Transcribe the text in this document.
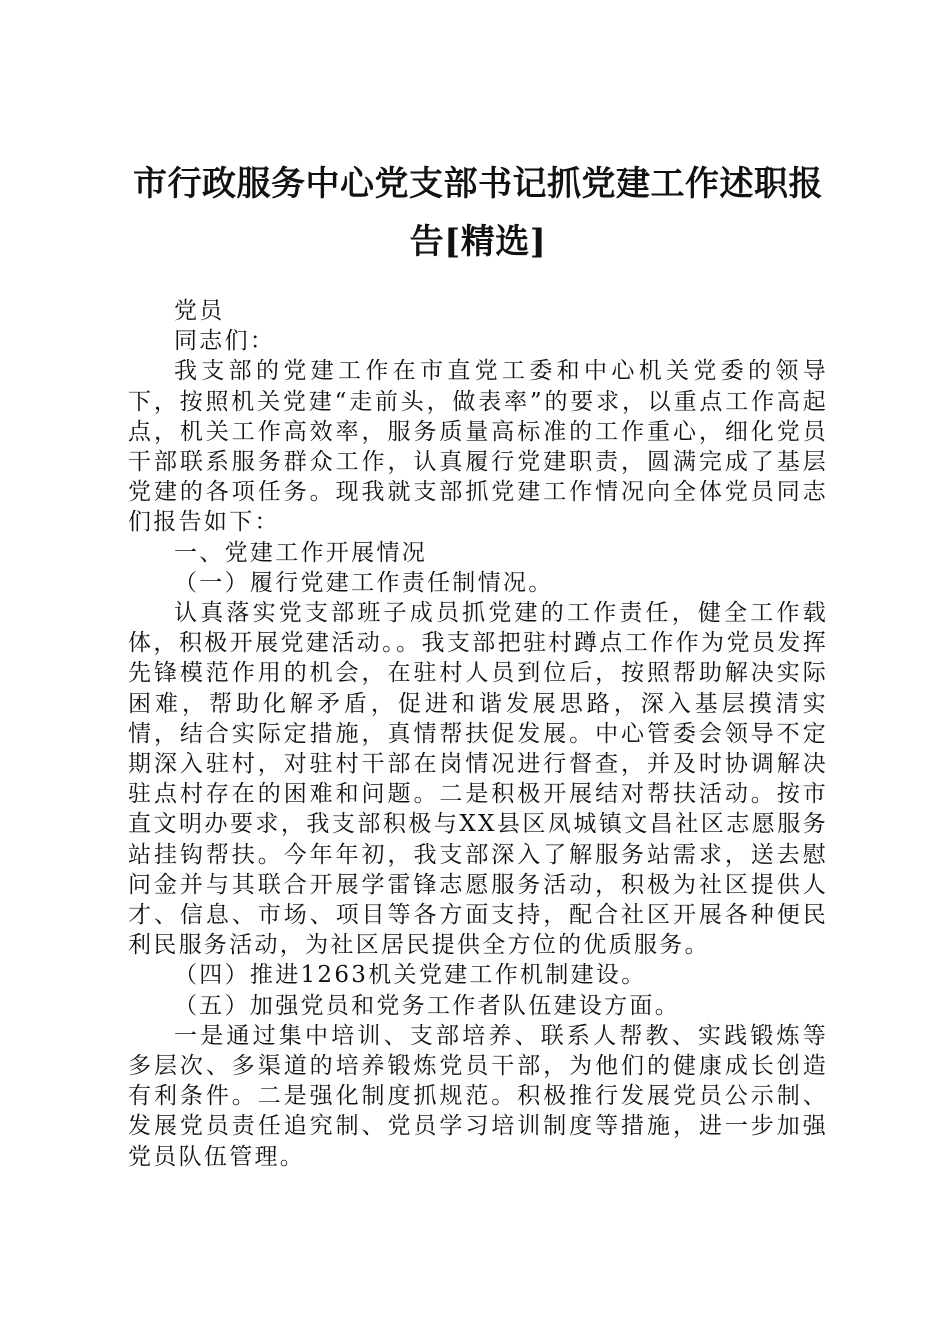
市行政服务中心党支部书记抓党建工作述职报
告[精选]

党员

同志们：

我支部的党建工作在市直党工委和中心机关党委的领导下，按照机关党建“走前头，做表率”的要求，以重点工作高起点，机关工作高效率，服务质量高标准的工作重心，细化党员干部联系服务群众工作，认真履行党建职责，圆满完成了基层党建的各项任务。现我就支部抓党建工作情况向全体党员同志们报告如下：

一、党建工作开展情况

（一）履行党建工作责任制情况。

认真落实党支部班子成员抓党建的工作责任，健全工作载体，积极开展党建活动。。我支部把驻村蹲点工作作为党员发挥先锋模范作用的机会，在驻村人员到位后，按照帮助解决实际困难，帮助化解矛盾，促进和谐发展思路，深入基层摸清实情，结合实际定措施，真情帮扶促发展。中心管委会领导不定期深入驻村，对驻村干部在岗情况进行督查，并及时协调解决驻点村存在的困难和问题。二是积极开展结对帮扶活动。按市直文明办要求，我支部积极与XX县区凤城镇文昌社区志愿服务站挂钩帮扶。今年年初，我支部深入了解服务站需求，送去慰问金并与其联合开展学雷锋志愿服务活动，积极为社区提供人才、信息、市场、项目等各方面支持，配合社区开展各种便民利民服务活动，为社区居民提供全方位的优质服务。

（四）推进1263机关党建工作机制建设。

（五）加强党员和党务工作者队伍建设方面。

一是通过集中培训、支部培养、联系人帮教、实践锻炼等多层次、多渠道的培养锻炼党员干部，为他们的健康成长创造有利条件。二是强化制度抓规范。积极推行发展党员公示制、发展党员责任追究制、党员学习培训制度等措施，进一步加强党员队伍管理。
